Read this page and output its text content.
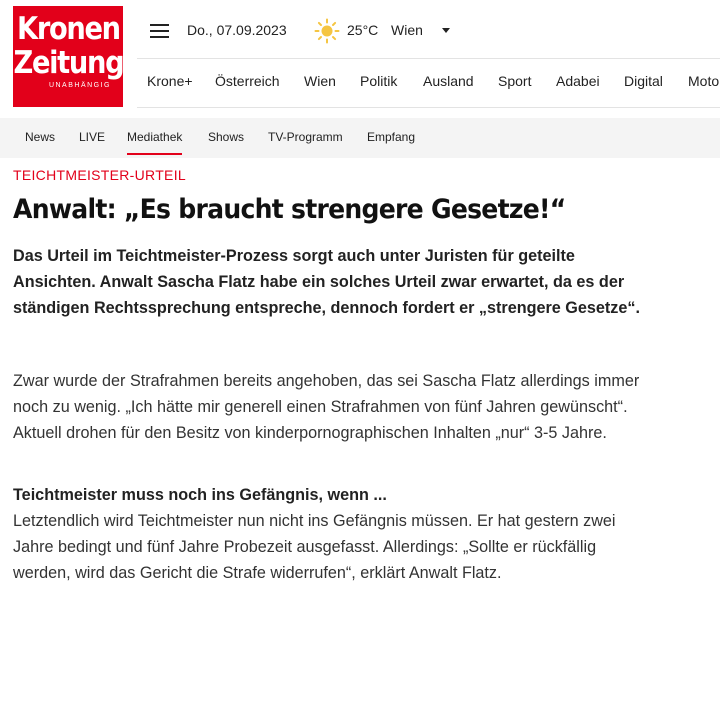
Kronen
Zeitung
UNABHÄNGIG
Do., 07.09.2023	25°C Wien
Krone+ Österreich Wien Politik Ausland Sport Adabei Digital Moto
News LIVE Mediathek Shows TV-Programm Empfang
TEICHTMEISTER-URTEIL
Anwalt: „Es braucht strengere Gesetze!“

Das Urteil im Teichtmeister-Prozess sorgt auch unter Juristen für geteilte Ansichten. Anwalt Sascha Flatz habe ein solches Urteil zwar erwartet, da es der ständigen Rechtssprechung entspreche, dennoch fordert er „strengere Gesetze“.

Zwar wurde der Strafrahmen bereits angehoben, das sei Sascha Flatz allerdings immer noch zu wenig. „Ich hätte mir generell einen Strafrahmen von fünf Jahren gewünscht“. Aktuell drohen für den Besitz von kinderpornographischen Inhalten „nur“ 3-5 Jahre.

Teichtmeister muss noch ins Gefängnis, wenn ...

Letztendlich wird Teichtmeister nun nicht ins Gefängnis müssen. Er hat gestern zwei Jahre bedingt und fünf Jahre Probezeit ausgefasst. Allerdings: „Sollte er rückfällig werden, wird das Gericht die Strafe widerrufen“, erklärt Anwalt Flatz.
